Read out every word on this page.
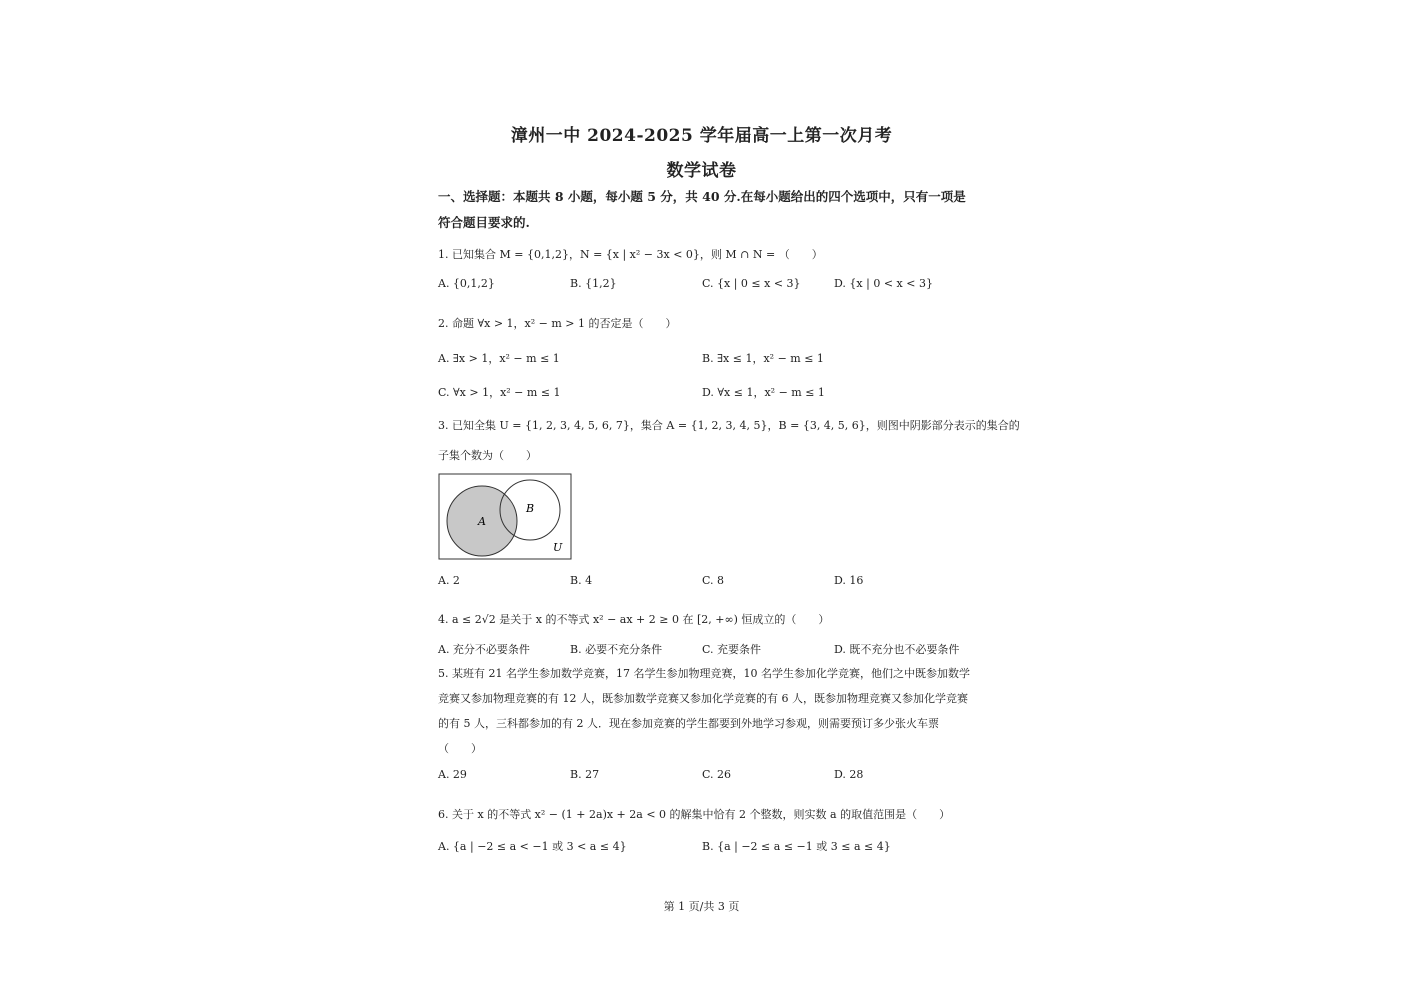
漳州一中 2024-2025 学年届高一上第一次月考
数学试卷
一、选择题：本题共 8 小题，每小题 5 分，共 40 分.在每小题给出的四个选项中，只有一项是符合题目要求的.
1. 已知集合 M = {0,1,2}，N = {x | x² − 3x < 0}，则 M ∩ N = （　　）
A. {0,1,2}	B. {1,2}	C. {x | 0 ≤ x < 3}	D. {x | 0 < x < 3}
2. 命题 ∀x > 1，x² − m > 1 的否定是（　　）
A. ∃x > 1，x² − m ≤ 1	B. ∃x ≤ 1，x² − m ≤ 1
C. ∀x > 1，x² − m ≤ 1	D. ∀x ≤ 1，x² − m ≤ 1
3. 已知全集 U = {1, 2, 3, 4, 5, 6, 7}，集合 A = {1, 2, 3, 4, 5}，B = {3, 4, 5, 6}，则图中阴影部分表示的集合的
子集个数为（　　）
A
B
U
A. 2	B. 4	C. 8	D. 16
4. a ≤ 2√2 是关于 x 的不等式 x² − ax + 2 ≥ 0 在 [2, +∞) 恒成立的（　　）
A. 充分不必要条件	B. 必要不充分条件	C. 充要条件	D. 既不充分也不必要条件
5. 某班有 21 名学生参加数学竞赛，17 名学生参加物理竞赛，10 名学生参加化学竞赛，他们之中既参加数学竞赛又参加物理竞赛的有 12 人，既参加数学竞赛又参加化学竞赛的有 6 人，既参加物理竞赛又参加化学竞赛的有 5 人，三科都参加的有 2 人．现在参加竞赛的学生都要到外地学习参观，则需要预订多少张火车票（　　）
A. 29	B. 27	C. 26	D. 28
6. 关于 x 的不等式 x² − (1 + 2a)x + 2a < 0 的解集中恰有 2 个整数，则实数 a 的取值范围是（　　）
A. {a | −2 ≤ a < −1 或 3 < a ≤ 4}	B. {a | −2 ≤ a ≤ −1 或 3 ≤ a ≤ 4}
第 1 页/共 3 页
